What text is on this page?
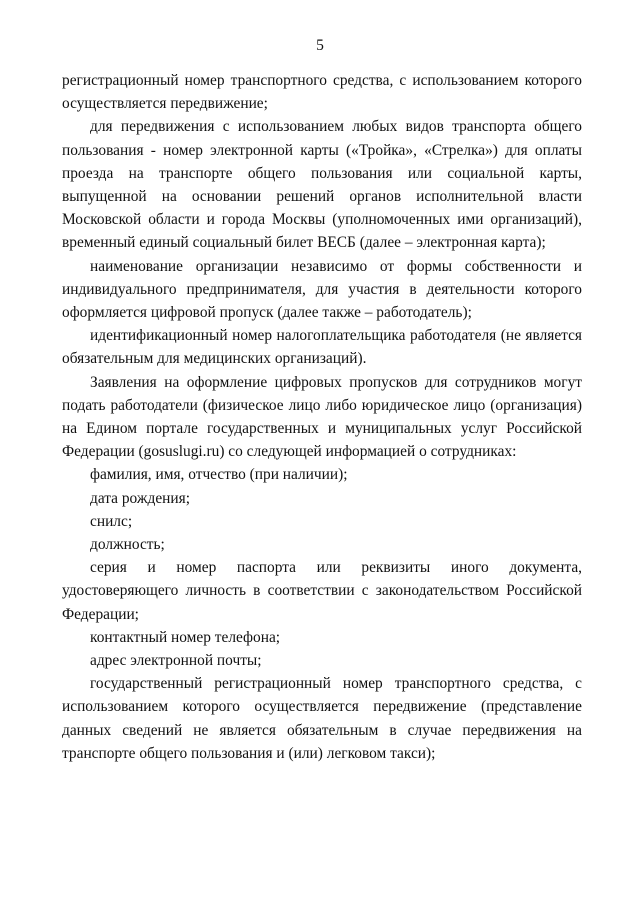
5

регистрационный номер транспортного средства, с использованием которого осуществляется передвижение;

для передвижения с использованием любых видов транспорта общего пользования - номер электронной карты («Тройка», «Стрелка») для оплаты проезда на транспорте общего пользования или социальной карты, выпущенной на основании решений органов исполнительной власти Московской области и города Москвы (уполномоченных ими организаций), временный единый социальный билет ВЕСБ (далее – электронная карта);

наименование организации независимо от формы собственности и индивидуального предпринимателя, для участия в деятельности которого оформляется цифровой пропуск (далее также – работодатель);

идентификационный номер налогоплательщика работодателя (не является обязательным для медицинских организаций).

Заявления на оформление цифровых пропусков для сотрудников могут подать работодатели (физическое лицо либо юридическое лицо (организация) на Едином портале государственных и муниципальных услуг Российской Федерации (gosuslugi.ru) со следующей информацией о сотрудниках:

фамилия, имя, отчество (при наличии);

дата рождения;

снилс;

должность;

серия и номер паспорта или реквизиты иного документа, удостоверяющего личность в соответствии с законодательством Российской Федерации;

контактный номер телефона;

адрес электронной почты;

государственный регистрационный номер транспортного средства, с использованием которого осуществляется передвижение (представление данных сведений не является обязательным в случае передвижения на транспорте общего пользования и (или) легковом такси);
